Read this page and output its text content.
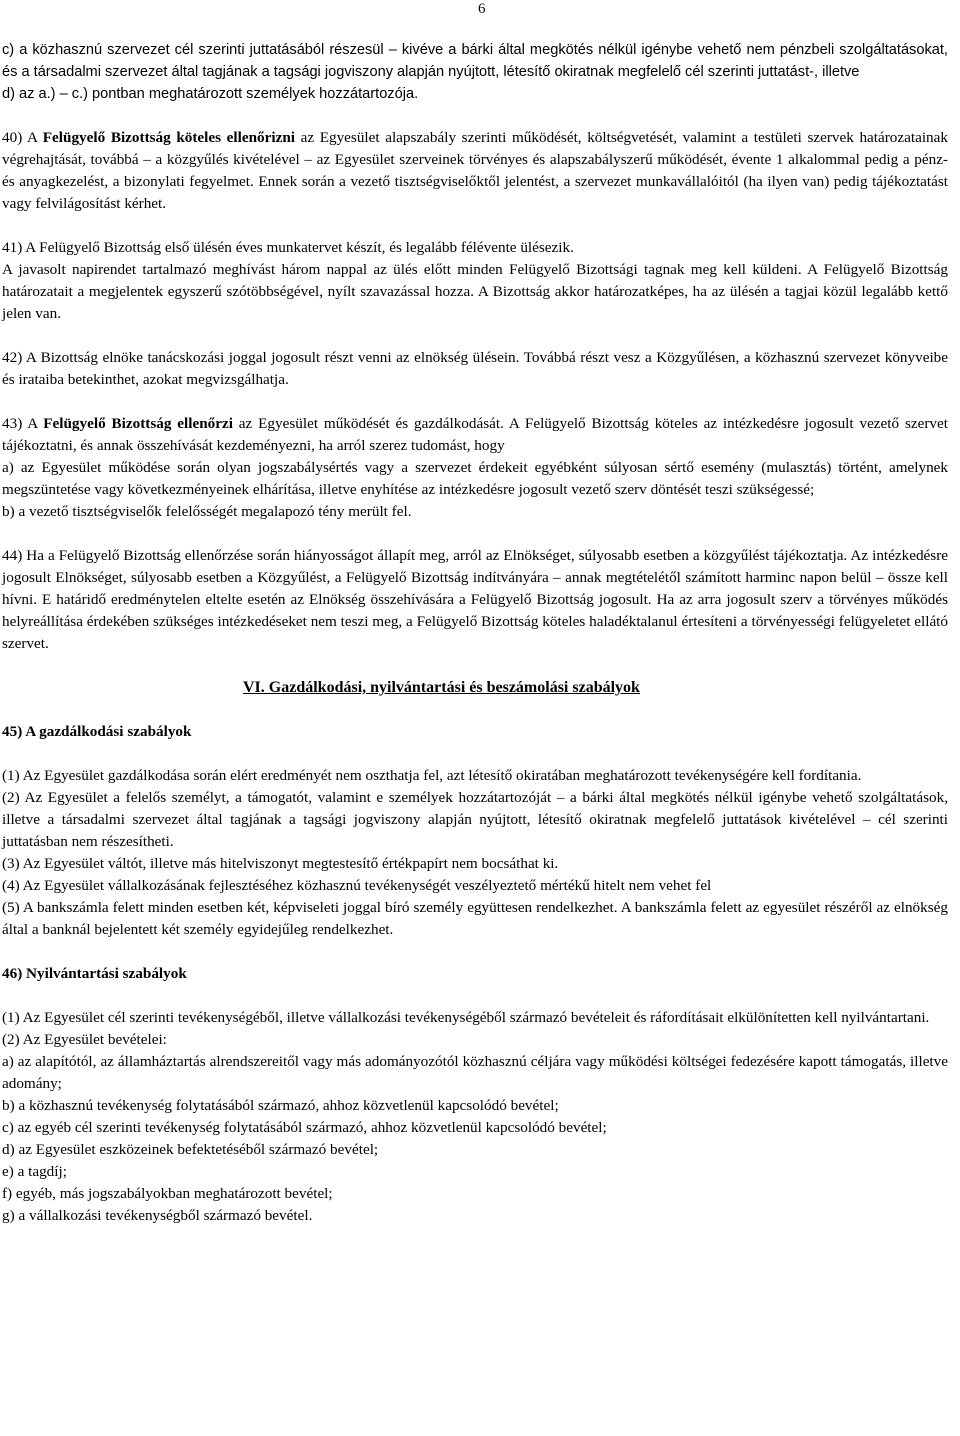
6

c) a közhasznú szervezet cél szerinti juttatásából részesül – kivéve a bárki által megkötés nélkül igénybe vehető nem pénzbeli szolgáltatásokat, és a társadalmi szervezet által tagjának a tagsági jogviszony alapján nyújtott, létesítő okiratnak megfelelő cél szerinti juttatást-, illetve

d) az a.) – c.) pontban meghatározott személyek hozzátartozója.

40) A Felügyelő Bizottság köteles ellenőrizni az Egyesület alapszabály szerinti működését, költségvetését, valamint a testületi szervek határozatainak végrehajtását, továbbá – a közgyűlés kivételével – az Egyesület szerveinek törvényes és alapszabályszerű működését, évente 1 alkalommal pedig a pénz- és anyagkezelést, a bizonylati fegyelmet. Ennek során a vezető tisztségviselőktől jelentést, a szervezet munkavállalóitól (ha ilyen van) pedig tájékoztatást vagy felvilágosítást kérhet.

41) A Felügyelő Bizottság első ülésén éves munkatervet készít, és legalább félévente ülésezik.

A javasolt napirendet tartalmazó meghívást három nappal az ülés előtt minden Felügyelő Bizottsági tagnak meg kell küldeni. A Felügyelő Bizottság határozatait a megjelentek egyszerű szótöbbségével, nyílt szavazással hozza. A Bizottság akkor határozatképes, ha az ülésén a tagjai közül legalább kettő jelen van.

42) A Bizottság elnöke tanácskozási joggal jogosult részt venni az elnökség ülésein. Továbbá részt vesz a Közgyűlésen, a közhasznú szervezet könyveibe és irataiba betekinthet, azokat megvizsgálhatja.

43) A Felügyelő Bizottság ellenőrzi az Egyesület működését és gazdálkodását. A Felügyelő Bizottság köteles az intézkedésre jogosult vezető szervet tájékoztatni, és annak összehívását kezdeményezni, ha arról szerez tudomást, hogy

a) az Egyesület működése során olyan jogszabálysértés vagy a szervezet érdekeit egyébként súlyosan sértő esemény (mulasztás) történt, amelynek megszüntetése vagy következményeinek elhárítása, illetve enyhítése az intézkedésre jogosult vezető szerv döntését teszi szükségessé;

b) a vezető tisztségviselők felelősségét megalapozó tény merült fel.

44) Ha a Felügyelő Bizottság ellenőrzése során hiányosságot állapít meg, arról az Elnökséget, súlyosabb esetben a közgyűlést tájékoztatja. Az intézkedésre jogosult Elnökséget, súlyosabb esetben a Közgyűlést, a Felügyelő Bizottság indítványára – annak megtételétől számított harminc napon belül – össze kell hívni. E határidő eredménytelen eltelte esetén az Elnökség összehívására a Felügyelő Bizottság jogosult. Ha az arra jogosult szerv a törvényes működés helyreállítása érdekében szükséges intézkedéseket nem teszi meg, a Felügyelő Bizottság köteles haladéktalanul értesíteni a törvényességi felügyeletet ellátó szervet.

VI. Gazdálkodási, nyilvántartási és beszámolási szabályok

45) A gazdálkodási szabályok

(1) Az Egyesület gazdálkodása során elért eredményét nem oszthatja fel, azt létesítő okiratában meghatározott tevékenységére kell fordítania.

(2) Az Egyesület a felelős személyt, a támogatót, valamint e személyek hozzátartozóját – a bárki által megkötés nélkül igénybe vehető szolgáltatások, illetve a társadalmi szervezet által tagjának a tagsági jogviszony alapján nyújtott, létesítő okiratnak megfelelő juttatások kivételével – cél szerinti juttatásban nem részesítheti.

(3) Az Egyesület váltót, illetve más hitelviszonyt megtestesítő értékpapírt nem bocsáthat ki.

(4) Az Egyesület vállalkozásának fejlesztéséhez közhasznú tevékenységét veszélyeztető mértékű hitelt nem vehet fel

(5) A bankszámla felett minden esetben két, képviseleti joggal bíró személy együttesen rendelkezhet. A bankszámla felett az egyesület részéről az elnökség által a banknál bejelentett két személy egyidejűleg rendelkezhet.

46) Nyilvántartási szabályok

(1) Az Egyesület cél szerinti tevékenységéből, illetve vállalkozási tevékenységéből származó bevételeit és ráfordításait elkülönítetten kell nyilvántartani.

(2) Az Egyesület bevételei:

a) az alapítótól, az államháztartás alrendszereitől vagy más adományozótól közhasznú céljára vagy működési költségei fedezésére kapott támogatás, illetve adomány;

b) a közhasznú tevékenység folytatásából származó, ahhoz közvetlenül kapcsolódó bevétel;

c) az egyéb cél szerinti tevékenység folytatásából származó, ahhoz közvetlenül kapcsolódó bevétel;

d) az Egyesület eszközeinek befektetéséből származó bevétel;

e) a tagdíj;

f) egyéb, más jogszabályokban meghatározott bevétel;

g) a vállalkozási tevékenységből származó bevétel.
